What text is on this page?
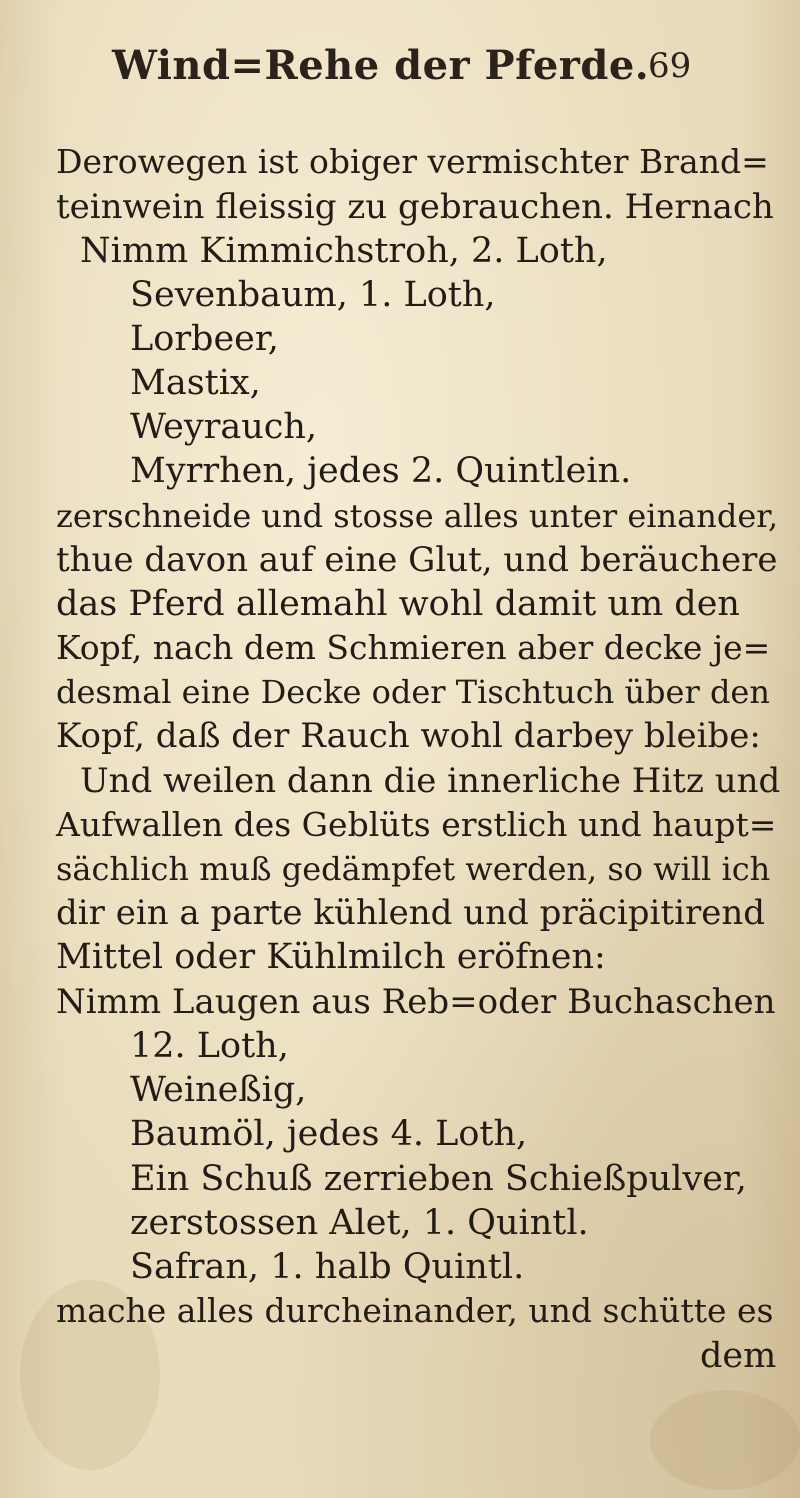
Wind=Rehe der Pferde.
69
Derowegen ist obiger vermischter Brand=
teinwein fleissig zu gebrauchen. Hernach
Nimm Kimmichstroh, 2. Loth,
Sevenbaum, 1. Loth,
Lorbeer,
Mastix,
Weyrauch,
Myrrhen, jedes 2. Quintlein.
zerschneide und stosse alles unter einander,
thue davon auf eine Glut, und beräuchere
das Pferd allemahl wohl damit um den
Kopf, nach dem Schmieren aber decke je=
desmal eine Decke oder Tischtuch über den
Kopf, daß der Rauch wohl darbey bleibe:
Und weilen dann die innerliche Hitz und
Aufwallen des Geblüts erstlich und haupt=
sächlich muß gedämpfet werden, so will ich
dir ein a parte kühlend und präcipitirend
Mittel oder Kühlmilch eröfnen:
Nimm Laugen aus Reb=oder Buchaschen
12. Loth,
Weineßig,
Baumöl, jedes 4. Loth,
Ein Schuß zerrieben Schießpulver,
zerstossen Alet, 1. Quintl.
Safran, 1. halb Quintl.
mache alles durcheinander, und schütte es
dem
